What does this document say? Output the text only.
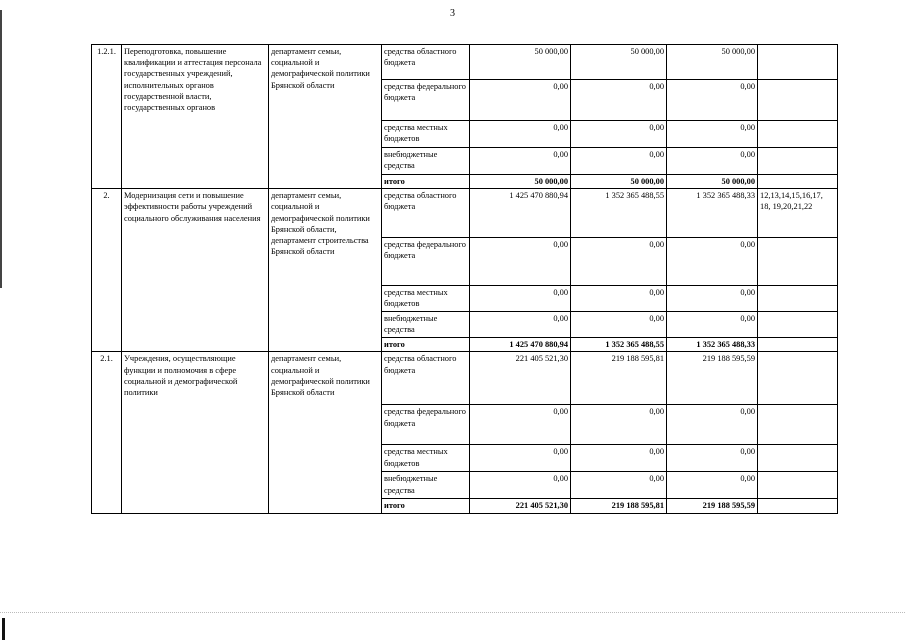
3
1.2.1.	Переподготовка, повышение квалификации и аттестация персонала государственных учреждений, исполнительных органов государственной власти, государственных органов	департамент семьи, социальной и демографической политики Брянской области	средства областного бюджета	50 000,00	50 000,00	50 000,00	
			средства федерального бюджета	0,00	0,00	0,00	
			средства местных бюджетов	0,00	0,00	0,00	
			внебюджетные средства	0,00	0,00	0,00	
			итого	50 000,00	50 000,00	50 000,00	
2.	Модернизация сети и повышение эффективности работы учреждений социального обслуживания населения	департамент семьи, социальной и демографической политики Брянской области, департамент строительства Брянской области	средства областного бюджета	1 425 470 880,94	1 352 365 488,55	1 352 365 488,33	12,13,14,15,16,17, 18, 19,20,21,22
			средства федерального бюджета	0,00	0,00	0,00	
			средства местных бюджетов	0,00	0,00	0,00	
			внебюджетные средства	0,00	0,00	0,00	
			итого	1 425 470 880,94	1 352 365 488,55	1 352 365 488,33	
2.1.	Учреждения, осуществляющие функции и полномочия в сфере социальной и демографической политики	департамент семьи, социальной и демографической политики Брянской области	средства областного бюджета	221 405 521,30	219 188 595,81	219 188 595,59	
			средства федерального бюджета	0,00	0,00	0,00	
			средства местных бюджетов	0,00	0,00	0,00	
			внебюджетные средства	0,00	0,00	0,00	
			итого	221 405 521,30	219 188 595,81	219 188 595,59	
